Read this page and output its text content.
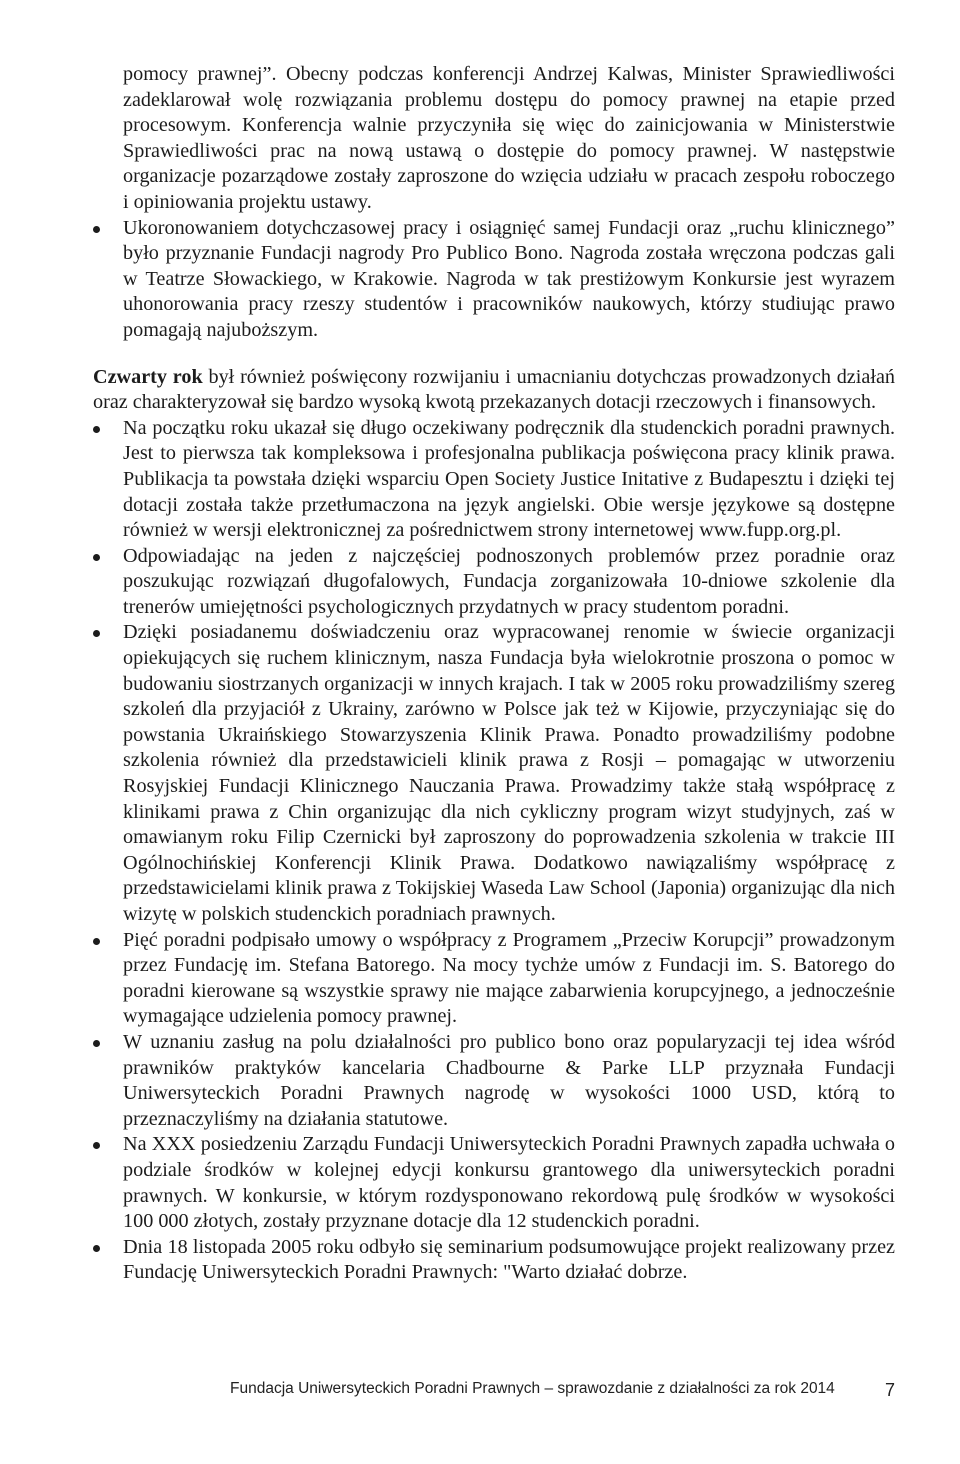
pomocy prawnej”. Obecny podczas konferencji Andrzej Kalwas, Minister Sprawiedliwości zadeklarował wolę rozwiązania problemu dostępu do pomocy prawnej na etapie przed procesowym. Konferencja walnie przyczyniła się więc do zainicjowania w Ministerstwie Sprawiedliwości prac na nową ustawą o dostępie do pomocy prawnej. W następstwie organizacje pozarządowe zostały zaproszone do wzięcia udziału w pracach zespołu roboczego i opiniowania projektu ustawy.

Ukoronowaniem dotychczasowej pracy i osiągnięć samej Fundacji oraz „ruchu klinicznego” było przyznanie Fundacji nagrody Pro Publico Bono. Nagroda została wręczona podczas gali w Teatrze Słowackiego, w Krakowie. Nagroda w tak prestiżowym Konkursie jest wyrazem uhonorowania pracy rzeszy studentów i pracowników naukowych, którzy studiując prawo pomagają najuboższym.

Czwarty rok był również poświęcony rozwijaniu i umacnianiu dotychczas prowadzonych działań oraz charakteryzował się bardzo wysoką kwotą przekazanych dotacji rzeczowych i finansowych.

Na początku roku ukazał się długo oczekiwany podręcznik dla studenckich poradni prawnych. Jest to pierwsza tak kompleksowa i profesjonalna publikacja poświęcona pracy klinik prawa. Publikacja ta powstała dzięki wsparciu Open Society Justice Initative z Budapesztu i dzięki tej dotacji została także przetłumaczona na język angielski. Obie wersje językowe są dostępne również w wersji elektronicznej za pośrednictwem strony internetowej www.fupp.org.pl.
Odpowiadając na jeden z najczęściej podnoszonych problemów przez poradnie oraz poszukując rozwiązań długofalowych, Fundacja zorganizowała 10-dniowe szkolenie dla trenerów umiejętności psychologicznych przydatnych w pracy studentom poradni.
Dzięki posiadanemu doświadczeniu oraz wypracowanej renomie w świecie organizacji opiekujących się ruchem klinicznym, nasza Fundacja była wielokrotnie proszona o pomoc w budowaniu siostrzanych organizacji w innych krajach. I tak w 2005 roku prowadziliśmy szereg szkoleń dla przyjaciół z Ukrainy, zarówno w Polsce jak też w Kijowie, przyczyniając się do powstania Ukraińskiego Stowarzyszenia Klinik Prawa. Ponadto prowadziliśmy podobne szkolenia również dla przedstawicieli klinik prawa z Rosji – pomagając w utworzeniu Rosyjskiej Fundacji Klinicznego Nauczania Prawa. Prowadzimy także stałą współpracę z klinikami prawa z Chin organizując dla nich cykliczny program wizyt studyjnych, zaś w omawianym roku Filip Czernicki był zaproszony do poprowadzenia szkolenia w trakcie III Ogólnochińskiej Konferencji Klinik Prawa. Dodatkowo nawiązaliśmy współpracę z przedstawicielami klinik prawa z Tokijskiej Waseda Law School (Japonia) organizując dla nich wizytę w polskich studenckich poradniach prawnych.
Pięć poradni podpisało umowy o współpracy z Programem „Przeciw Korupcji” prowadzonym przez Fundację im. Stefana Batorego. Na mocy tychże umów z Fundacji im. S. Batorego do poradni kierowane są wszystkie sprawy nie mające zabarwienia korupcyjnego, a jednocześnie wymagające udzielenia pomocy prawnej.
W uznaniu zasług na polu działalności pro publico bono oraz popularyzacji tej idea wśród prawników praktyków kancelaria Chadbourne & Parke LLP przyznała Fundacji Uniwersyteckich Poradni Prawnych nagrodę w wysokości 1000 USD, którą to przeznaczyliśmy na działania statutowe.
Na XXX posiedzeniu Zarządu Fundacji Uniwersyteckich Poradni Prawnych zapadła uchwała o podziale środków w kolejnej edycji konkursu grantowego dla uniwersyteckich poradni prawnych. W konkursie, w którym rozdysponowano rekordową pulę środków w wysokości 100 000 złotych, zostały przyznane dotacje dla 12 studenckich poradni.
Dnia 18 listopada 2005 roku odbyło się seminarium podsumowujące projekt realizowany przez Fundację Uniwersyteckich Poradni Prawnych: "Warto działać dobrze.
Fundacja Uniwersyteckich Poradni Prawnych – sprawozdanie z działalności za rok 2014	7
